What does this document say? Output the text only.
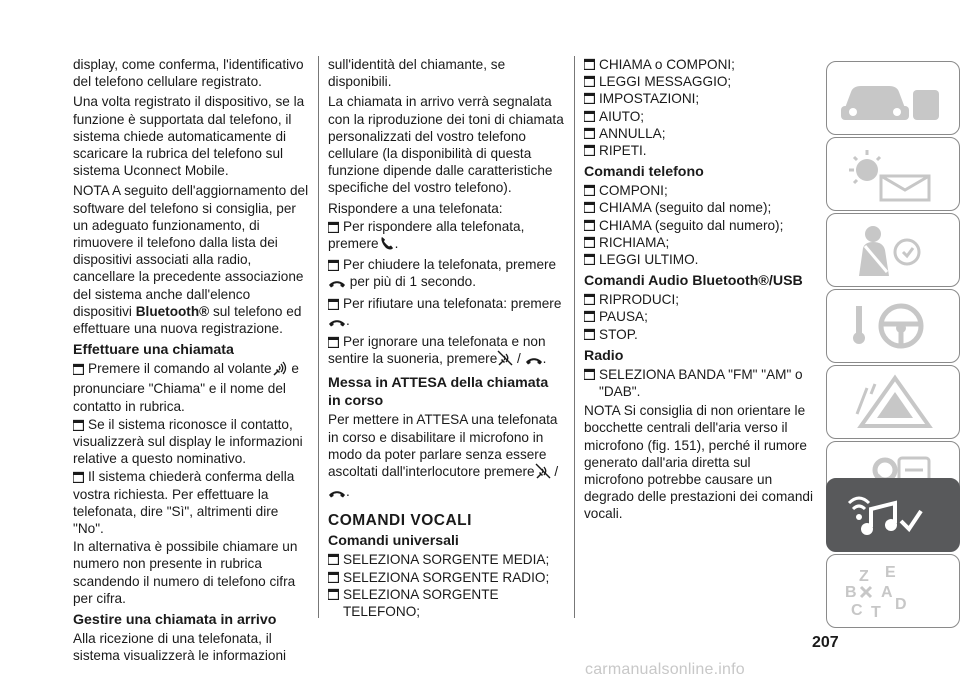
display, come conferma, l'identificativo del telefono cellulare registrato.

Una volta registrato il dispositivo, se la funzione è supportata dal telefono, il sistema chiede automaticamente di scaricare la rubrica del telefono sul sistema Uconnect Mobile.

NOTA A seguito dell'aggiornamento del software del telefono si consiglia, per un adeguato funzionamento, di rimuovere il telefono dalla lista dei dispositivi associati alla radio, cancellare la precedente associazione del sistema anche dall'elenco dispositivi Bluetooth® sul telefono ed effettuare una nuova registrazione.

Effettuare una chiamata

Premere il comando al volante e pronunciare "Chiama" e il nome del contatto in rubrica.

Se il sistema riconosce il contatto, visualizzerà sul display le informazioni relative a questo nominativo.

Il sistema chiederà conferma della vostra richiesta. Per effettuare la telefonata, dire "Sì", altrimenti dire "No".

In alternativa è possibile chiamare un numero non presente in rubrica scandendo il numero di telefono cifra per cifra.

Gestire una chiamata in arrivo

Alla ricezione di una telefonata, il sistema visualizzerà le informazioni

sull'identità del chiamante, se disponibili.

La chiamata in arrivo verrà segnalata con la riproduzione dei toni di chiamata personalizzati del vostro telefono cellulare (la disponibilità di questa funzione dipende dalle caratteristiche specifiche del vostro telefono).

Rispondere a una telefonata:

Per rispondere alla telefonata, premere .

Per chiudere la telefonata, premere
per più di 1 secondo.

Per rifiutare una telefonata: premere
.

Per ignorare una telefonata e non sentire la suoneria, premere / .

Messa in ATTESA della chiamata in corso

Per mettere in ATTESA una telefonata in corso e disabilitare il microfono in modo da poter parlare senza essere ascoltati dall'interlocutore premere /
.

COMANDI VOCALI
Comandi universali
SELEZIONA SORGENTE MEDIA;
SELEZIONA SORGENTE RADIO;
SELEZIONA SORGENTE TELEFONO;
CHIAMA o COMPONI;
LEGGI MESSAGGIO;
IMPOSTAZIONI;
AIUTO;
ANNULLA;
RIPETI.
Comandi telefono
COMPONI;
CHIAMA (seguito dal nome);
CHIAMA (seguito dal numero);
RICHIAMA;
LEGGI ULTIMO.
Comandi Audio Bluetooth®/USB
RIPRODUCI;
PAUSA;
STOP.
Radio
SELEZIONA BANDA "FM" "AM" o "DAB".

NOTA Si consiglia di non orientare le bocchette centrali dell'aria verso il microfono (fig. 151), perché il rumore generato dall'aria diretta sul microfono potrebbe causare un degrado delle prestazioni dei comandi vocali.

Z E
B A
C T D
207
carmanualsonline.info
